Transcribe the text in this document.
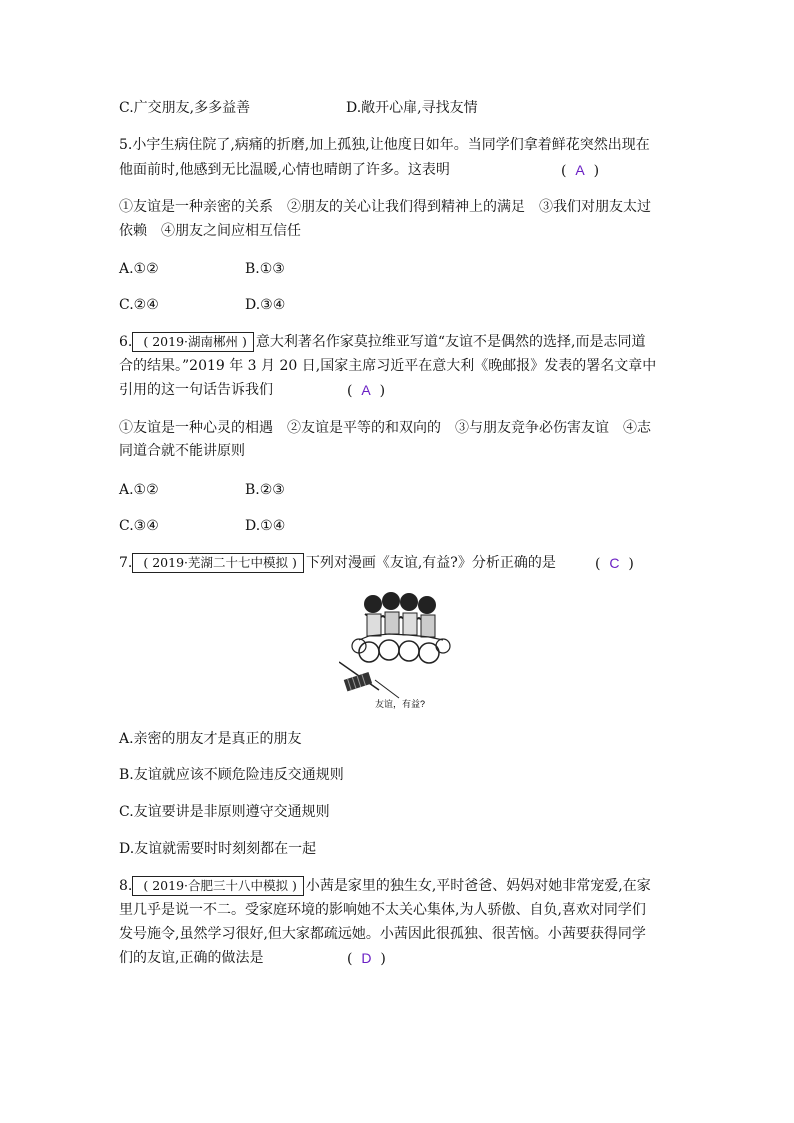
C.广交朋友,多多益善	D.敞开心扉,寻找友情
5.小宇生病住院了,病痛的折磨,加上孤独,让他度日如年。当同学们拿着鲜花突然出现在
他面前时,他感到无比温暖,心情也晴朗了许多。这表明	(  A  )
①友谊是一种亲密的关系　②朋友的关心让我们得到精神上的满足　③我们对朋友太过
依赖　④朋友之间应相互信任
A.①②	B.①③
C.②④	D.③④
6. ( 2019·湖南郴州 ) 意大利著名作家莫拉维亚写道“友谊不是偶然的选择,而是志同道
合的结果。”2019 年 3 月 20 日,国家主席习近平在意大利《晚邮报》发表的署名文章中
引用的这一句话告诉我们	(  A  )
①友谊是一种心灵的相遇　②友谊是平等的和双向的　③与朋友竞争必伤害友谊　④志
同道合就不能讲原则
A.①②	B.②③
C.③④	D.①④
7. ( 2019·芜湖二十七中模拟 ) 下列对漫画《友谊,有益?》分析正确的是	(  C  )
友谊，有益?
A.亲密的朋友才是真正的朋友
B.友谊就应该不顾危险违反交通规则
C.友谊要讲是非原则遵守交通规则
D.友谊就需要时时刻刻都在一起
8. ( 2019·合肥三十八中模拟 ) 小茜是家里的独生女,平时爸爸、妈妈对她非常宠爱,在家
里几乎是说一不二。受家庭环境的影响她不太关心集体,为人骄傲、自负,喜欢对同学们
发号施令,虽然学习很好,但大家都疏远她。小茜因此很孤独、很苦恼。小茜要获得同学
们的友谊,正确的做法是	(  D  )
